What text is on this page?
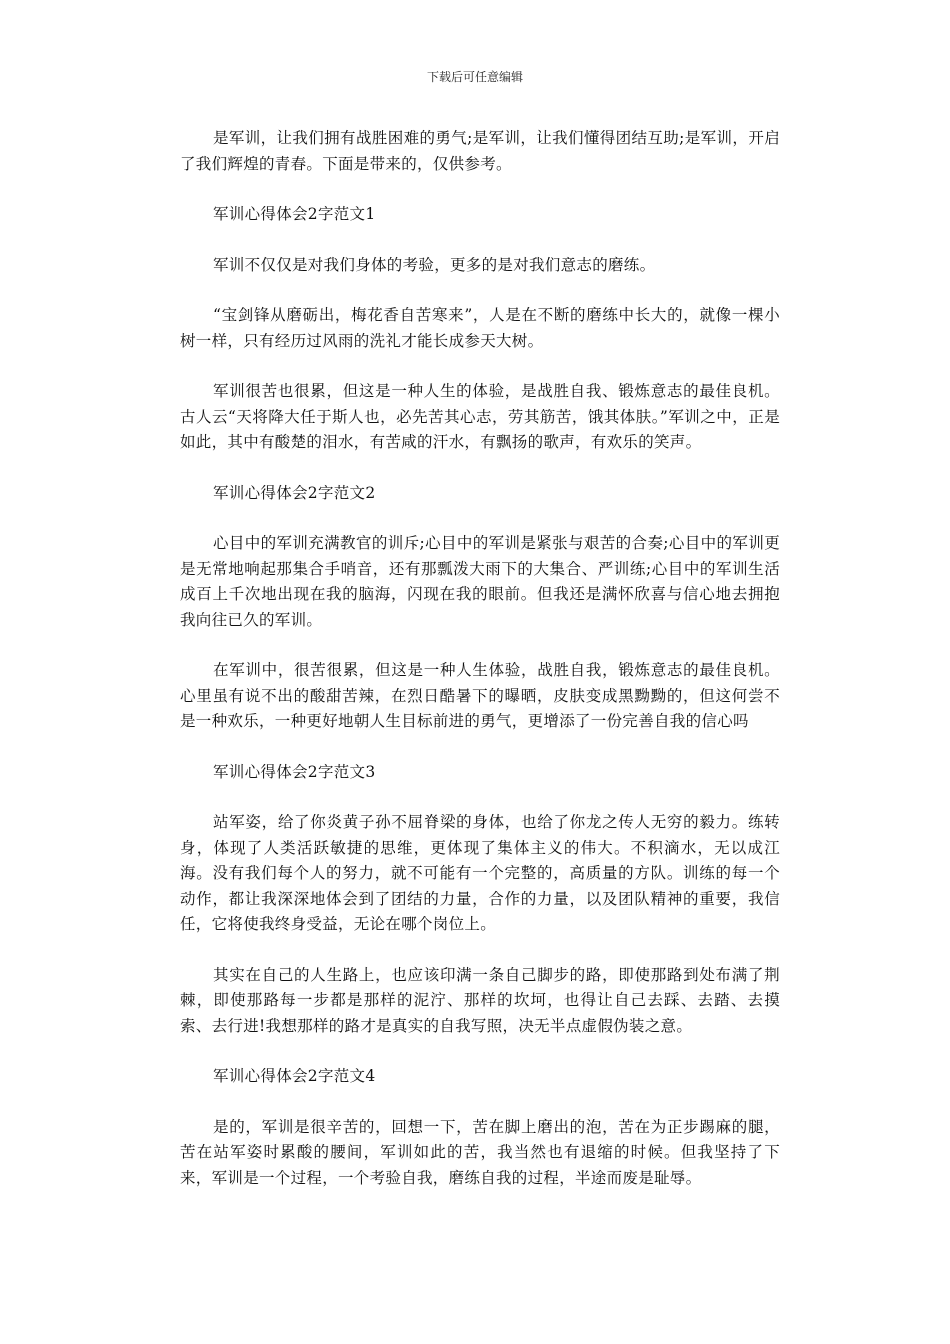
下载后可任意编辑

是军训，让我们拥有战胜困难的勇气;是军训，让我们懂得团结互助;是军训，开启了我们辉煌的青春。下面是带来的，仅供参考。

军训心得体会2字范文1

军训不仅仅是对我们身体的考验，更多的是对我们意志的磨练。

“宝剑锋从磨砺出，梅花香自苦寒来”，人是在不断的磨练中长大的，就像一棵小树一样，只有经历过风雨的洗礼才能长成参天大树。

军训很苦也很累，但这是一种人生的体验，是战胜自我、锻炼意志的最佳良机。古人云“天将降大任于斯人也，必先苦其心志，劳其筋苦，饿其体肤。”军训之中，正是如此，其中有酸楚的泪水，有苦咸的汗水，有飘扬的歌声，有欢乐的笑声。

军训心得体会2字范文2

心目中的军训充满教官的训斥;心目中的军训是紧张与艰苦的合奏;心目中的军训更是无常地响起那集合手哨音，还有那瓢泼大雨下的大集合、严训练;心目中的军训生活成百上千次地出现在我的脑海，闪现在我的眼前。但我还是满怀欣喜与信心地去拥抱我向往已久的军训。

在军训中，很苦很累，但这是一种人生体验，战胜自我，锻炼意志的最佳良机。心里虽有说不出的酸甜苦辣，在烈日酷暑下的曝晒，皮肤变成黑黝黝的，但这何尝不是一种欢乐，一种更好地朝人生目标前进的勇气，更增添了一份完善自我的信心吗

军训心得体会2字范文3

站军姿，给了你炎黄子孙不屈脊梁的身体，也给了你龙之传人无穷的毅力。练转身，体现了人类活跃敏捷的思维，更体现了集体主义的伟大。不积滴水，无以成江海。没有我们每个人的努力，就不可能有一个完整的，高质量的方队。训练的每一个动作，都让我深深地体会到了团结的力量，合作的力量，以及团队精神的重要，我信任，它将使我终身受益，无论在哪个岗位上。

其实在自己的人生路上，也应该印满一条自己脚步的路，即使那路到处布满了荆棘，即使那路每一步都是那样的泥泞、那样的坎坷，也得让自己去踩、去踏、去摸索、去行进!我想那样的路才是真实的自我写照，决无半点虚假伪装之意。

军训心得体会2字范文4

是的，军训是很辛苦的，回想一下，苦在脚上磨出的泡，苦在为正步踢麻的腿，苦在站军姿时累酸的腰间，军训如此的苦，我当然也有退缩的时候。但我坚持了下来，军训是一个过程，一个考验自我，磨练自我的过程，半途而废是耻辱。
